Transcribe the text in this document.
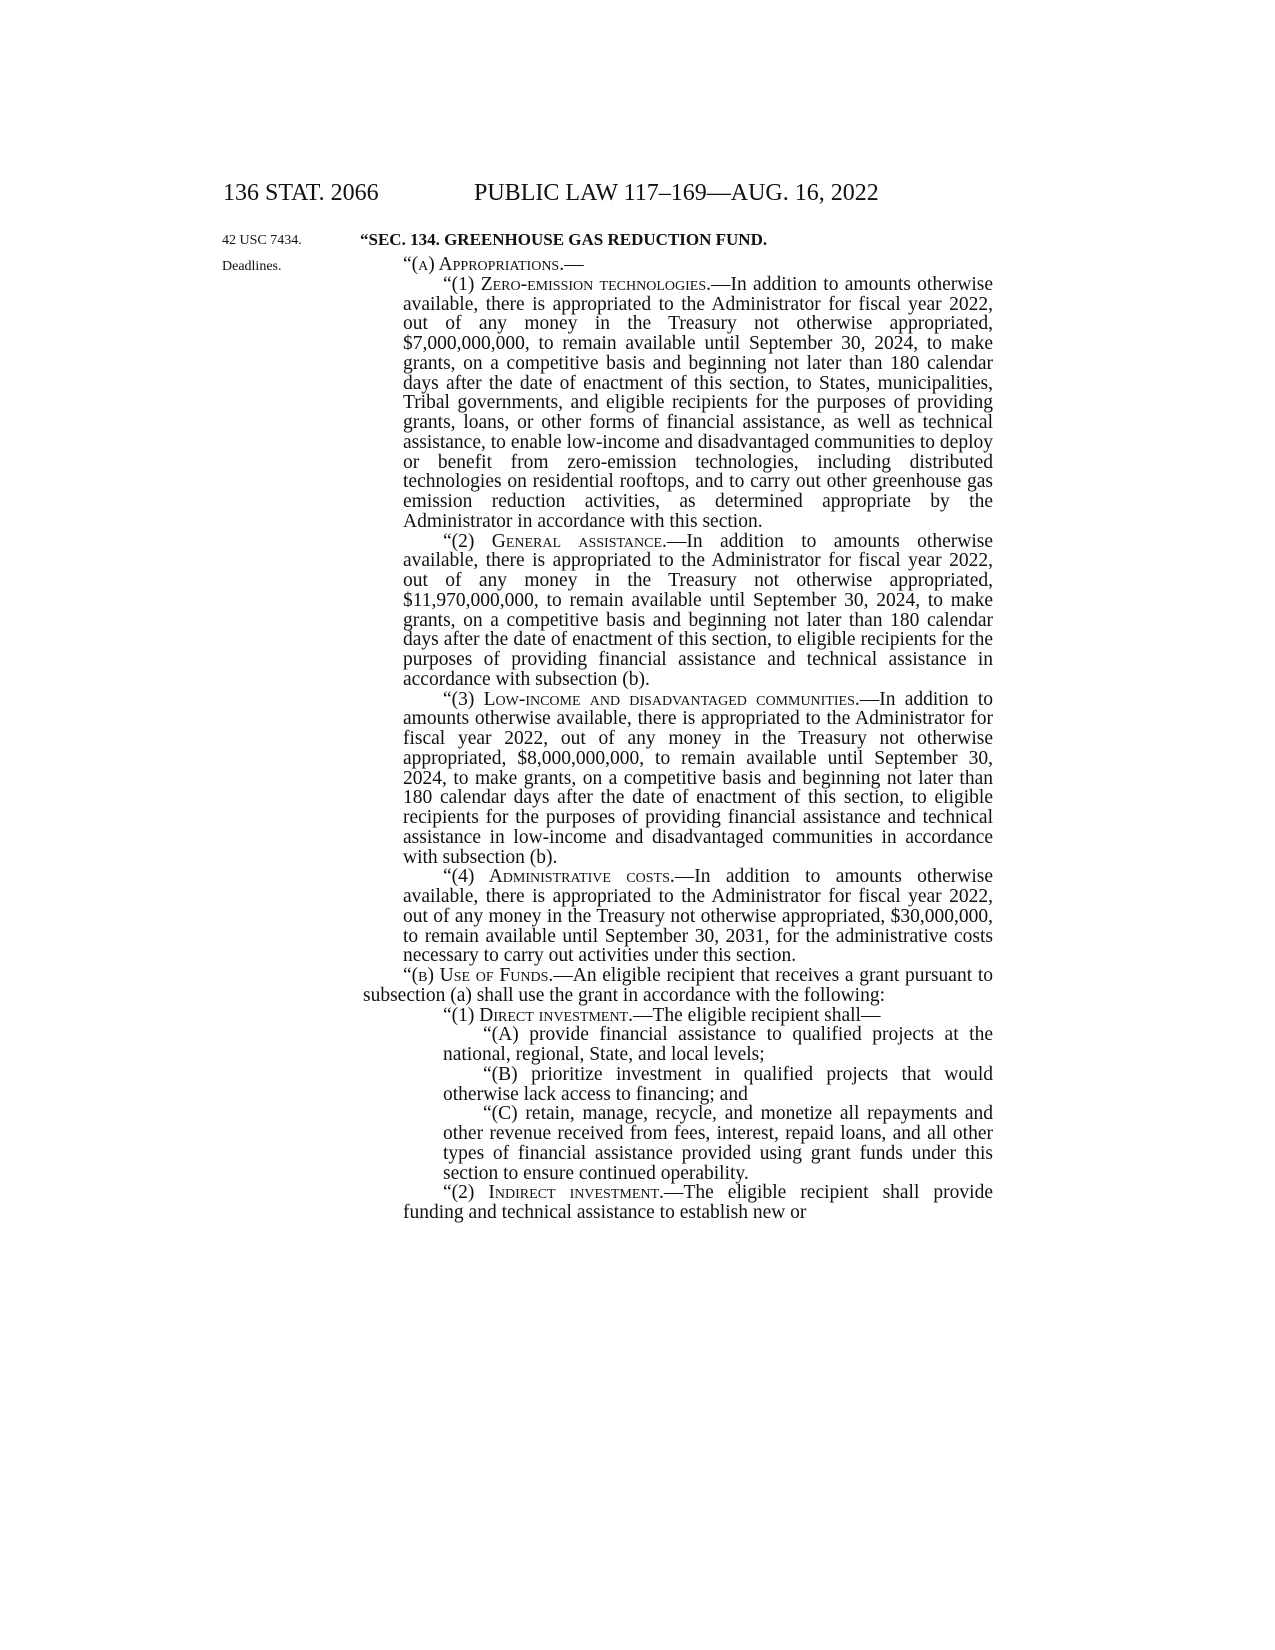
136 STAT. 2066	PUBLIC LAW 117–169—AUG. 16, 2022
42 USC 7434.
Deadlines.
“SEC. 134. GREENHOUSE GAS REDUCTION FUND.

“(a) Appropriations.—

“(1) Zero-emission technologies.—In addition to amounts otherwise available, there is appropriated to the Administrator for fiscal year 2022, out of any money in the Treasury not otherwise appropriated, $7,000,000,000, to remain available until September 30, 2024, to make grants, on a competitive basis and beginning not later than 180 calendar days after the date of enactment of this section, to States, municipalities, Tribal governments, and eligible recipients for the purposes of providing grants, loans, or other forms of financial assistance, as well as technical assistance, to enable low-income and disadvantaged communities to deploy or benefit from zero-emission technologies, including distributed technologies on residential rooftops, and to carry out other greenhouse gas emission reduction activities, as determined appropriate by the Administrator in accordance with this section.

“(2) General assistance.—In addition to amounts otherwise available, there is appropriated to the Administrator for fiscal year 2022, out of any money in the Treasury not otherwise appropriated, $11,970,000,000, to remain available until September 30, 2024, to make grants, on a competitive basis and beginning not later than 180 calendar days after the date of enactment of this section, to eligible recipients for the purposes of providing financial assistance and technical assistance in accordance with subsection (b).

“(3) Low-income and disadvantaged communities.—In addition to amounts otherwise available, there is appropriated to the Administrator for fiscal year 2022, out of any money in the Treasury not otherwise appropriated, $8,000,000,000, to remain available until September 30, 2024, to make grants, on a competitive basis and beginning not later than 180 calendar days after the date of enactment of this section, to eligible recipients for the purposes of providing financial assistance and technical assistance in low-income and disadvantaged communities in accordance with subsection (b).

“(4) Administrative costs.—In addition to amounts otherwise available, there is appropriated to the Administrator for fiscal year 2022, out of any money in the Treasury not otherwise appropriated, $30,000,000, to remain available until September 30, 2031, for the administrative costs necessary to carry out activities under this section.

“(b) Use of Funds.—An eligible recipient that receives a grant pursuant to subsection (a) shall use the grant in accordance with the following:

“(1) Direct investment.—The eligible recipient shall—

“(A) provide financial assistance to qualified projects at the national, regional, State, and local levels;

“(B) prioritize investment in qualified projects that would otherwise lack access to financing; and

“(C) retain, manage, recycle, and monetize all repayments and other revenue received from fees, interest, repaid loans, and all other types of financial assistance provided using grant funds under this section to ensure continued operability.

“(2) Indirect investment.—The eligible recipient shall provide funding and technical assistance to establish new or
